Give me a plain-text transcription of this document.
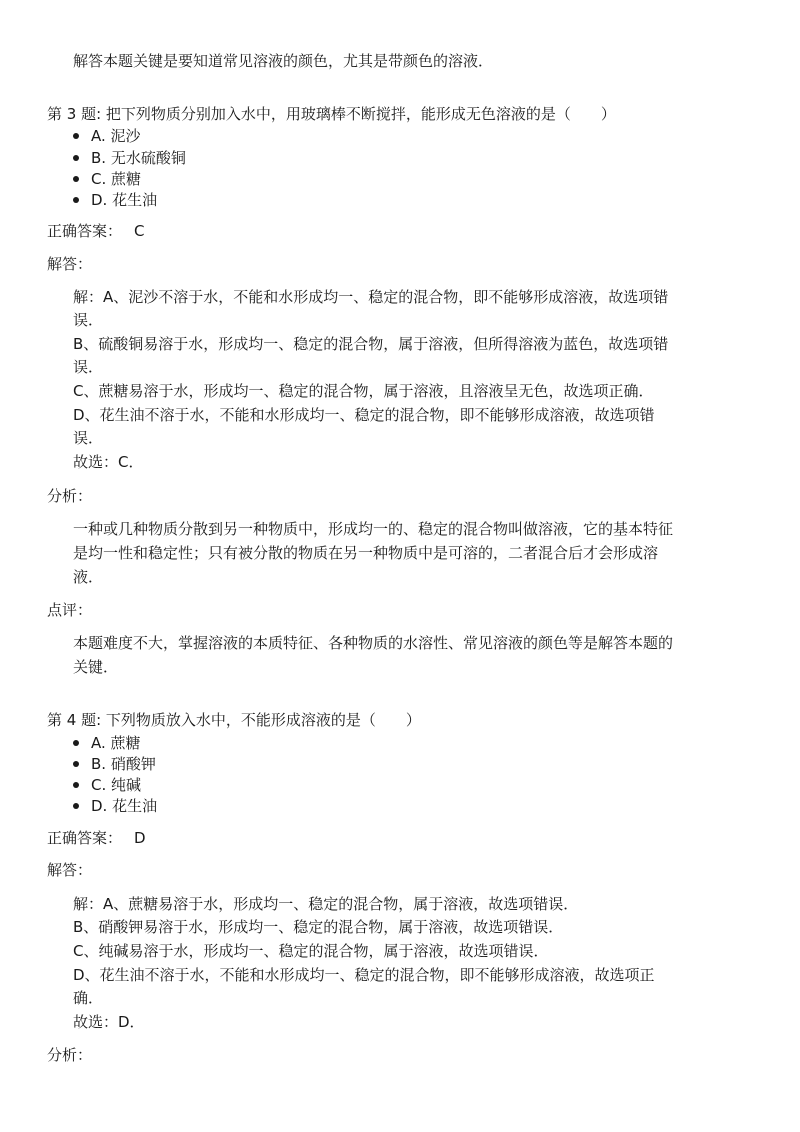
解答本题关键是要知道常见溶液的颜色，尤其是带颜色的溶液．
第 3 题: 把下列物质分别加入水中，用玻璃棒不断搅拌，能形成无色溶液的是（　　）
A. 泥沙
B. 无水硫酸铜
C. 蔗糖
D. 花生油
正确答案： C
解答：
解：A、泥沙不溶于水，不能和水形成均一、稳定的混合物，即不能够形成溶液，故选项错
误．
B、硫酸铜易溶于水，形成均一、稳定的混合物，属于溶液，但所得溶液为蓝色，故选项错
误．
C、蔗糖易溶于水，形成均一、稳定的混合物，属于溶液，且溶液呈无色，故选项正确．
D、花生油不溶于水，不能和水形成均一、稳定的混合物，即不能够形成溶液，故选项错
误．
故选：C．
分析：
一种或几种物质分散到另一种物质中，形成均一的、稳定的混合物叫做溶液，它的基本特征
是均一性和稳定性；只有被分散的物质在另一种物质中是可溶的，二者混合后才会形成溶
液．
点评：
本题难度不大，掌握溶液的本质特征、各种物质的水溶性、常见溶液的颜色等是解答本题的
关键．
第 4 题: 下列物质放入水中，不能形成溶液的是（　　）
A. 蔗糖
B. 硝酸钾
C. 纯碱
D. 花生油
正确答案： D
解答：
解：A、蔗糖易溶于水，形成均一、稳定的混合物，属于溶液，故选项错误．
B、硝酸钾易溶于水，形成均一、稳定的混合物，属于溶液，故选项错误．
C、纯碱易溶于水，形成均一、稳定的混合物，属于溶液，故选项错误．
D、花生油不溶于水，不能和水形成均一、稳定的混合物，即不能够形成溶液，故选项正
确．
故选：D．
分析：
